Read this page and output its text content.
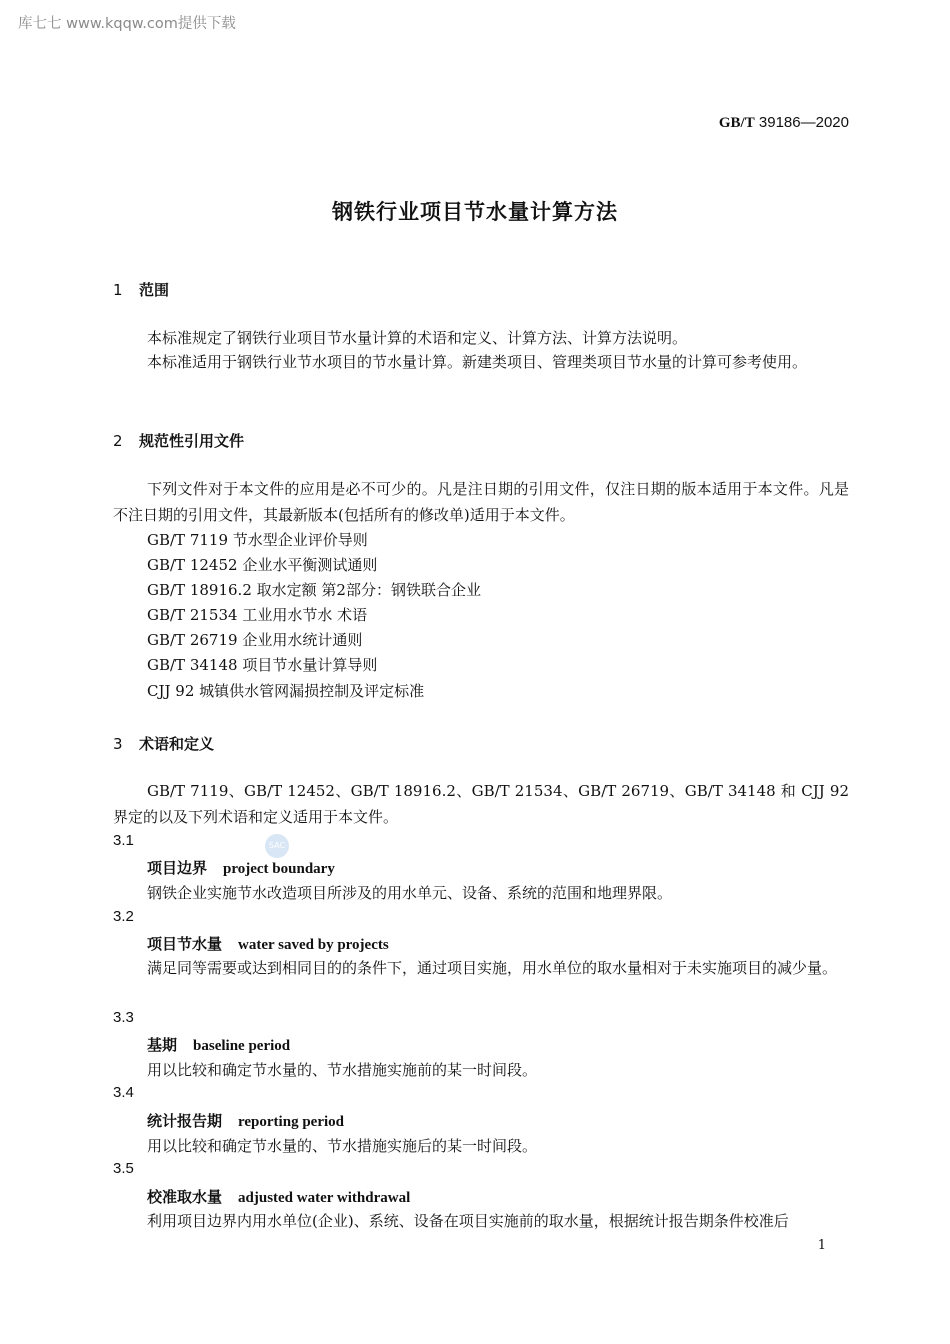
库七七 www.kqqw.com提供下载
GB/T 39186—2020
钢铁行业项目节水量计算方法
1 范围
本标准规定了钢铁行业项目节水量计算的术语和定义、计算方法、计算方法说明。
本标准适用于钢铁行业节水项目的节水量计算。新建类项目、管理类项目节水量的计算可参考使用。
2 规范性引用文件
下列文件对于本文件的应用是必不可少的。凡是注日期的引用文件，仅注日期的版本适用于本文件。凡是不注日期的引用文件，其最新版本(包括所有的修改单)适用于本文件。
GB/T 7119 节水型企业评价导则
GB/T 12452 企业水平衡测试通则
GB/T 18916.2 取水定额 第2部分：钢铁联合企业
GB/T 21534 工业用水节水 术语
GB/T 26719 企业用水统计通则
GB/T 34148 项目节水量计算导则
CJJ 92 城镇供水管网漏损控制及评定标准
3 术语和定义
GB/T 7119、GB/T 12452、GB/T 18916.2、GB/T 21534、GB/T 26719、GB/T 34148 和 CJJ 92 界定的以及下列术语和定义适用于本文件。
SAC
3.1
项目边界 project boundary
钢铁企业实施节水改造项目所涉及的用水单元、设备、系统的范围和地理界限。
3.2
项目节水量 water saved by projects
满足同等需要或达到相同目的的条件下，通过项目实施，用水单位的取水量相对于未实施项目的减少量。
3.3
基期 baseline period
用以比较和确定节水量的、节水措施实施前的某一时间段。
3.4
统计报告期 reporting period
用以比较和确定节水量的、节水措施实施后的某一时间段。
3.5
校准取水量 adjusted water withdrawal
利用项目边界内用水单位(企业)、系统、设备在项目实施前的取水量，根据统计报告期条件校准后
1
